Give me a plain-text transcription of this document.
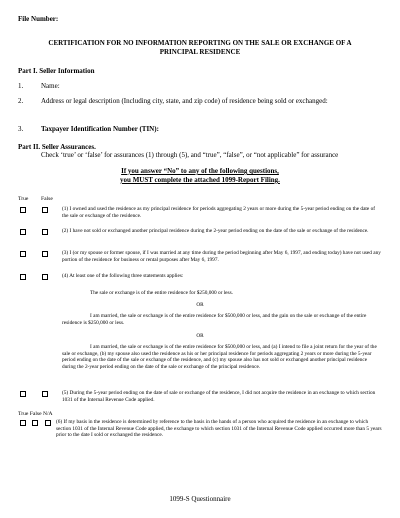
File Number:
CERTIFICATION FOR NO INFORMATION REPORTING ON THE SALE OR EXCHANGE OF A
PRINCIPAL RESIDENCE
Part I. Seller Information
1.	Name:
2.	Address or legal description (Including city, state, and zip code) of residence being sold or exchanged:
3.	Taxpayer Identification Number (TIN):
Part II. Seller Assurances.
Check ‘true’ or ‘false’ for assurances (1) through (5), and “true”, “false”, or “not applicable” for assurance
If you answer “No” to any of the following questions,
you MUST complete the attached 1099-Report Filing.
True False
(1) I owned and used the residence as my principal residence for periods aggregating 2 years or more during the 5-year period ending on the date of the sale or exchange of the residence.
(2) I have not sold or exchanged another principal residence during the 2-year period ending on the date of the sale or exchange of the residence.
(3) I (or my spouse or former spouse, if I was married at any time during the period beginning after May 6, 1997, and ending today) have not used any portion of the residence for business or rental purposes after May 6, 1997.
(4) At least one of the following three statements applies:
The sale or exchange is of the entire residence for $250,000 or less.
OR
I am married, the sale or exchange is of the entire residence for $500,000 or less, and the gain on the sale or exchange of the entire residence is $250,000 or less.
OR
I am married, the sale or exchange is of the entire residence for $500,000 or less, and (a) I intend to file a joint return for the year of the sale or exchange, (b) my spouse also used the residence as his or her principal residence for periods aggregating 2 years or more during the 5-year period ending on the date of the sale or exchange of the residence, and (c) my spouse also has not sold or exchanged another principal residence during the 2-year period ending on the date of the sale or exchange of the principal residence.
(5) During the 5-year period ending on the date of sale or exchange of the residence, I did not acquire the residence in an exchange to which section 1031 of the Internal Revenue Code applied.
True False N/A
(6) If my basis in the residence is determined by reference to the basis in the hands of a person who acquired the residence in an exchange to which section 1031 of the Internal Revenue Code applied, the exchange to which section 1031 of the Internal Revenue Code applied occurred more than 5 years prior to the date I sold or exchanged the residence.
1099-S Questionnaire
